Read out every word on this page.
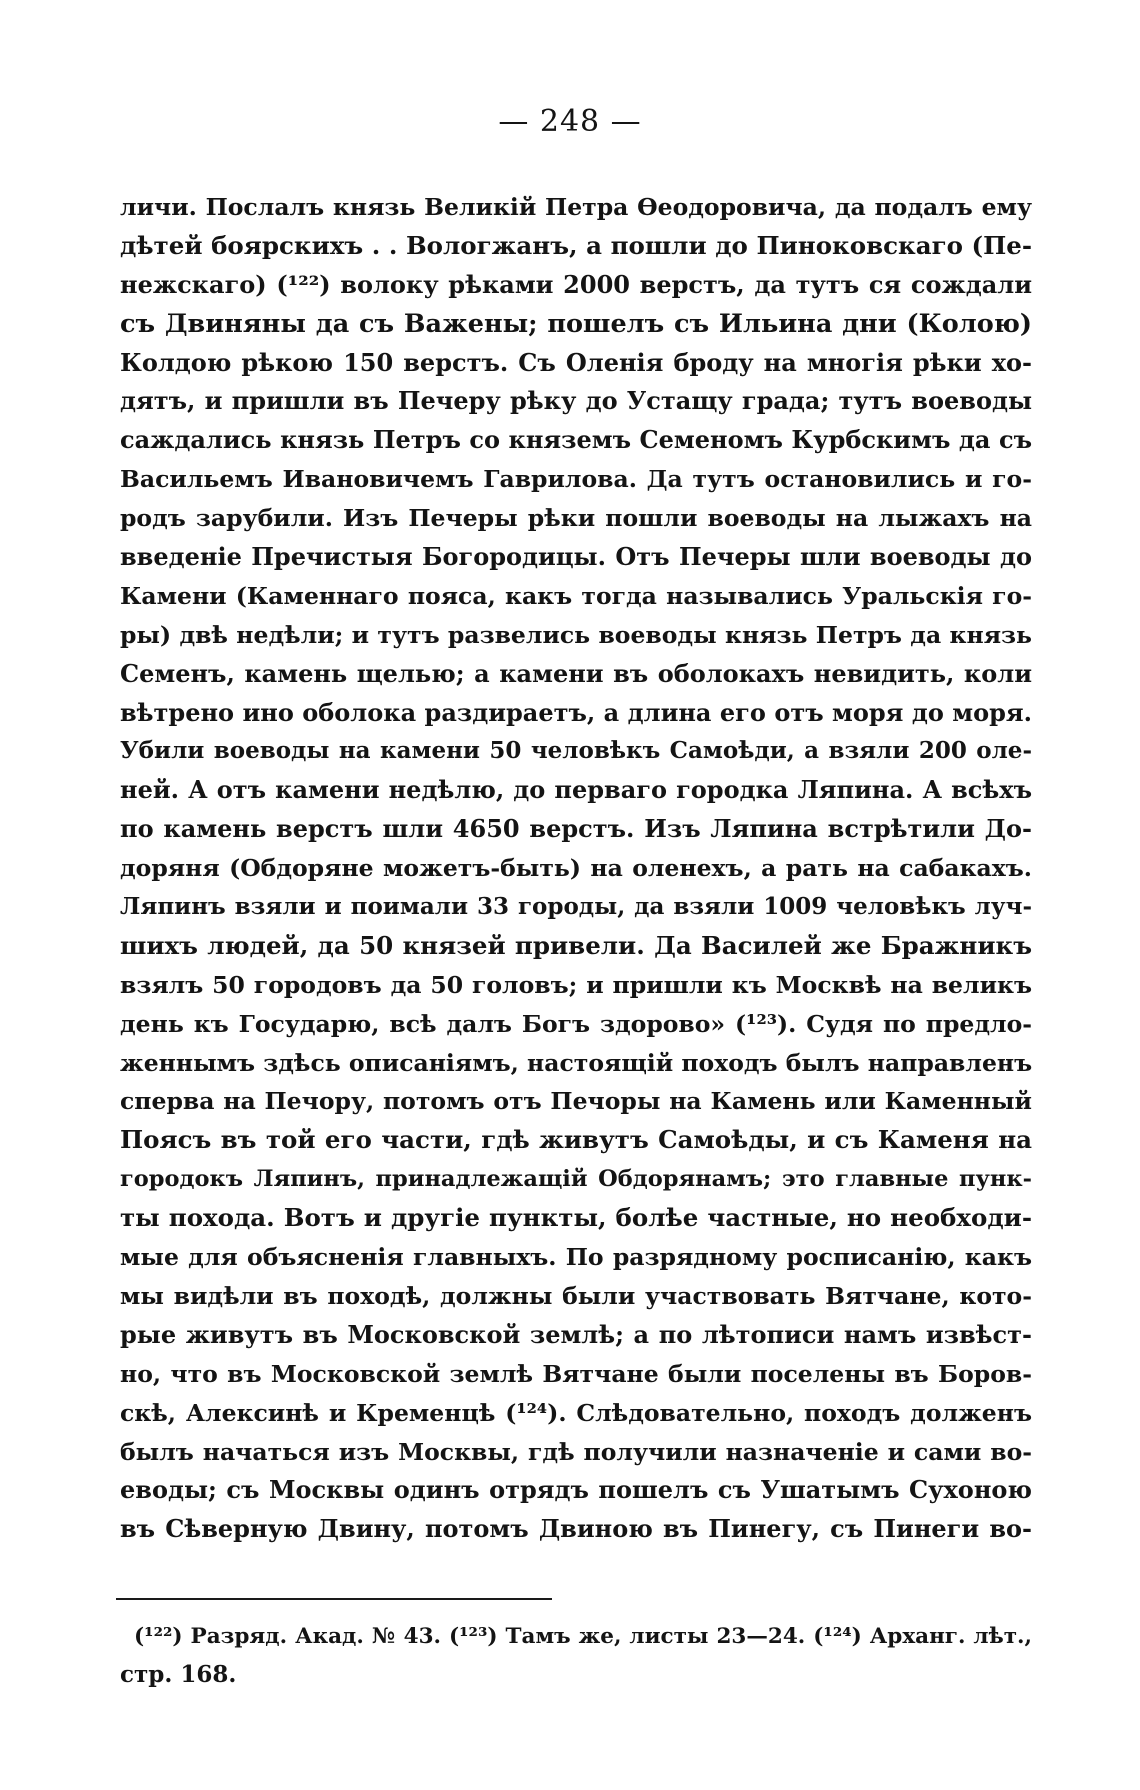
— 248 —
личи. Послалъ князь Великій Петра Өеодоровича, да подалъ ему
дѣтей боярскихъ . . Вологжанъ, а пошли до Пиноковскаго (Пе-
нежскаго) (¹²²) волоку рѣками 2000 верстъ, да тутъ ся сождали
съ Двиняны да съ Важены; пошелъ съ Ильина дни (Колою)
Колдою рѣкою 150 верстъ. Съ Оленія броду на многія рѣки хо-
дятъ, и пришли въ Печеру рѣку до Устащу града; тутъ воеводы
саждались князь Петръ со княземъ Семеномъ Курбскимъ да съ
Васильемъ Ивановичемъ Гаврилова. Да тутъ остановились и го-
родъ зарубили. Изъ Печеры рѣки пошли воеводы на лыжахъ на
введеніе Пречистыя Богородицы. Отъ Печеры шли воеводы до
Камени (Каменнаго пояса, какъ тогда назывались Уральскія го-
ры) двѣ недѣли; и тутъ развелись воеводы князь Петръ да князь
Семенъ, камень щелью; а камени въ оболокахъ невидить, коли
вѣтрено ино оболока раздираетъ, а длина его отъ моря до моря.
Убили воеводы на камени 50 человѣкъ Самоѣди, а взяли 200 оле-
ней. А отъ камени недѣлю, до перваго городка Ляпина. А всѣхъ
по камень верстъ шли 4650 верстъ. Изъ Ляпина встрѣтили До-
доряня (Обдоряне можетъ-быть) на оленехъ, а рать на сабакахъ.
Ляпинъ взяли и поимали 33 городы, да взяли 1009 человѣкъ луч-
шихъ людей, да 50 князей привели. Да Василей же Бражникъ
взялъ 50 городовъ да 50 головъ; и пришли къ Москвѣ на великъ
день къ Государю, всѣ далъ Богъ здорово» (¹²³). Судя по предло-
женнымъ здѣсь описаніямъ, настоящій походъ былъ направленъ
сперва на Печору, потомъ отъ Печоры на Камень или Каменный
Поясъ въ той его части, гдѣ живутъ Самоѣды, и съ Каменя на
городокъ Ляпинъ, принадлежащій Обдорянамъ; это главные пунк-
ты похода. Вотъ и другіе пункты, болѣе частные, но необходи-
мые для объясненія главныхъ. По разрядному росписанію, какъ
мы видѣли въ походѣ, должны были участвовать Вятчане, кото-
рые живутъ въ Московской землѣ; а по лѣтописи намъ извѣст-
но, что въ Московской землѣ Вятчане были поселены въ Боров-
скѣ, Алексинѣ и Кременцѣ (¹²⁴). Слѣдовательно, походъ долженъ
былъ начаться изъ Москвы, гдѣ получили назначеніе и сами во-
еводы; съ Москвы одинъ отрядъ пошелъ съ Ушатымъ Сухоною
въ Сѣверную Двину, потомъ Двиною въ Пинегу, съ Пинеги во-
(¹²²) Разряд. Акад. № 43. (¹²³) Тамъ же, листы 23—24. (¹²⁴) Арханг. лѣт.,
стр. 168.
